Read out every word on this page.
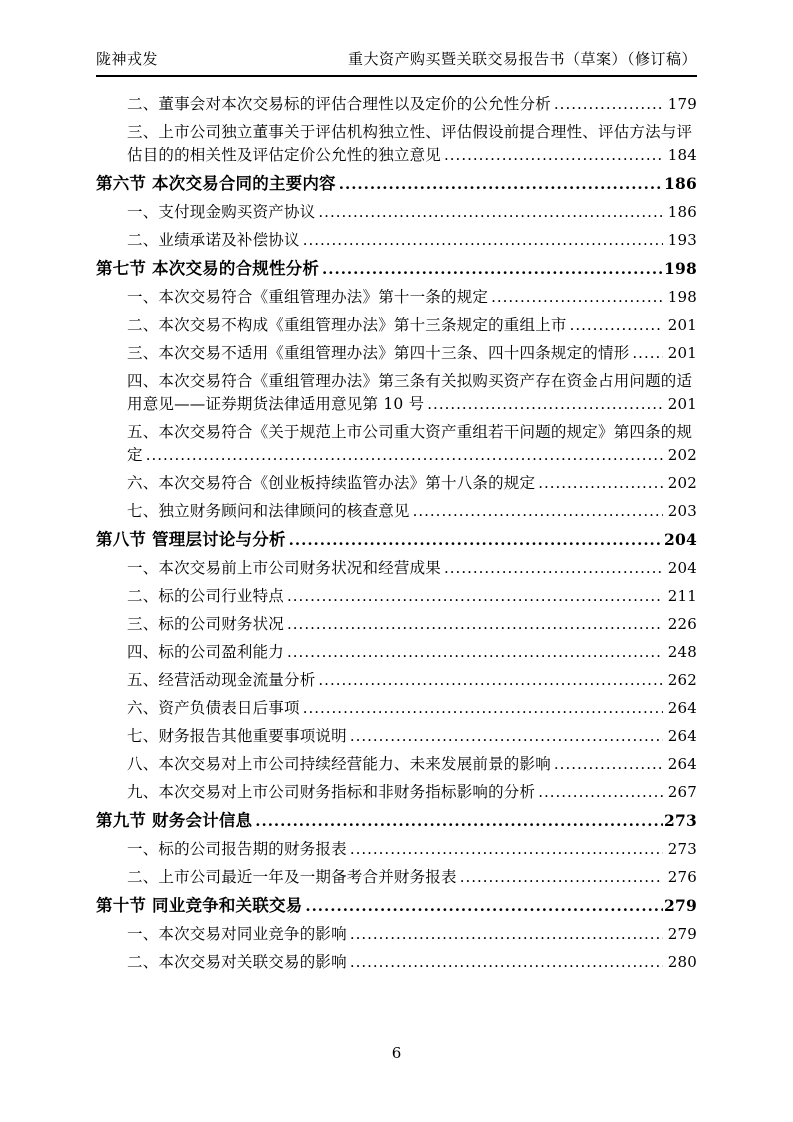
陇神戎发	重大资产购买暨关联交易报告书（草案）（修订稿）
二、董事会对本次交易标的评估合理性以及定价的公允性分析 .....	179
三、上市公司独立董事关于评估机构独立性、评估假设前提合理性、评估方法与评
估目的的相关性及评估定价公允性的独立意见 .....	184
第六节 本次交易合同的主要内容 .....	186
一、支付现金购买资产协议 .....	186
二、业绩承诺及补偿协议 .....	193
第七节 本次交易的合规性分析 .....	198
一、本次交易符合《重组管理办法》第十一条的规定 .....	198
二、本次交易不构成《重组管理办法》第十三条规定的重组上市 .....	201
三、本次交易不适用《重组管理办法》第四十三条、四十四条规定的情形 .....	201
四、本次交易符合《重组管理办法》第三条有关拟购买资产存在资金占用问题的适
用意见——证券期货法律适用意见第 10 号 .....	201
五、本次交易符合《关于规范上市公司重大资产重组若干问题的规定》第四条的规
定 .....	202
六、本次交易符合《创业板持续监管办法》第十八条的规定 .....	202
七、独立财务顾问和法律顾问的核查意见 .....	203
第八节 管理层讨论与分析 .....	204
一、本次交易前上市公司财务状况和经营成果 .....	204
二、标的公司行业特点 .....	211
三、标的公司财务状况 .....	226
四、标的公司盈利能力 .....	248
五、经营活动现金流量分析 .....	262
六、资产负债表日后事项 .....	264
七、财务报告其他重要事项说明 .....	264
八、本次交易对上市公司持续经营能力、未来发展前景的影响 .....	264
九、本次交易对上市公司财务指标和非财务指标影响的分析 .....	267
第九节 财务会计信息 .....	273
一、标的公司报告期的财务报表 .....	273
二、上市公司最近一年及一期备考合并财务报表 .....	276
第十节 同业竞争和关联交易 .....	279
一、本次交易对同业竞争的影响 .....	279
二、本次交易对关联交易的影响 .....	280
6
